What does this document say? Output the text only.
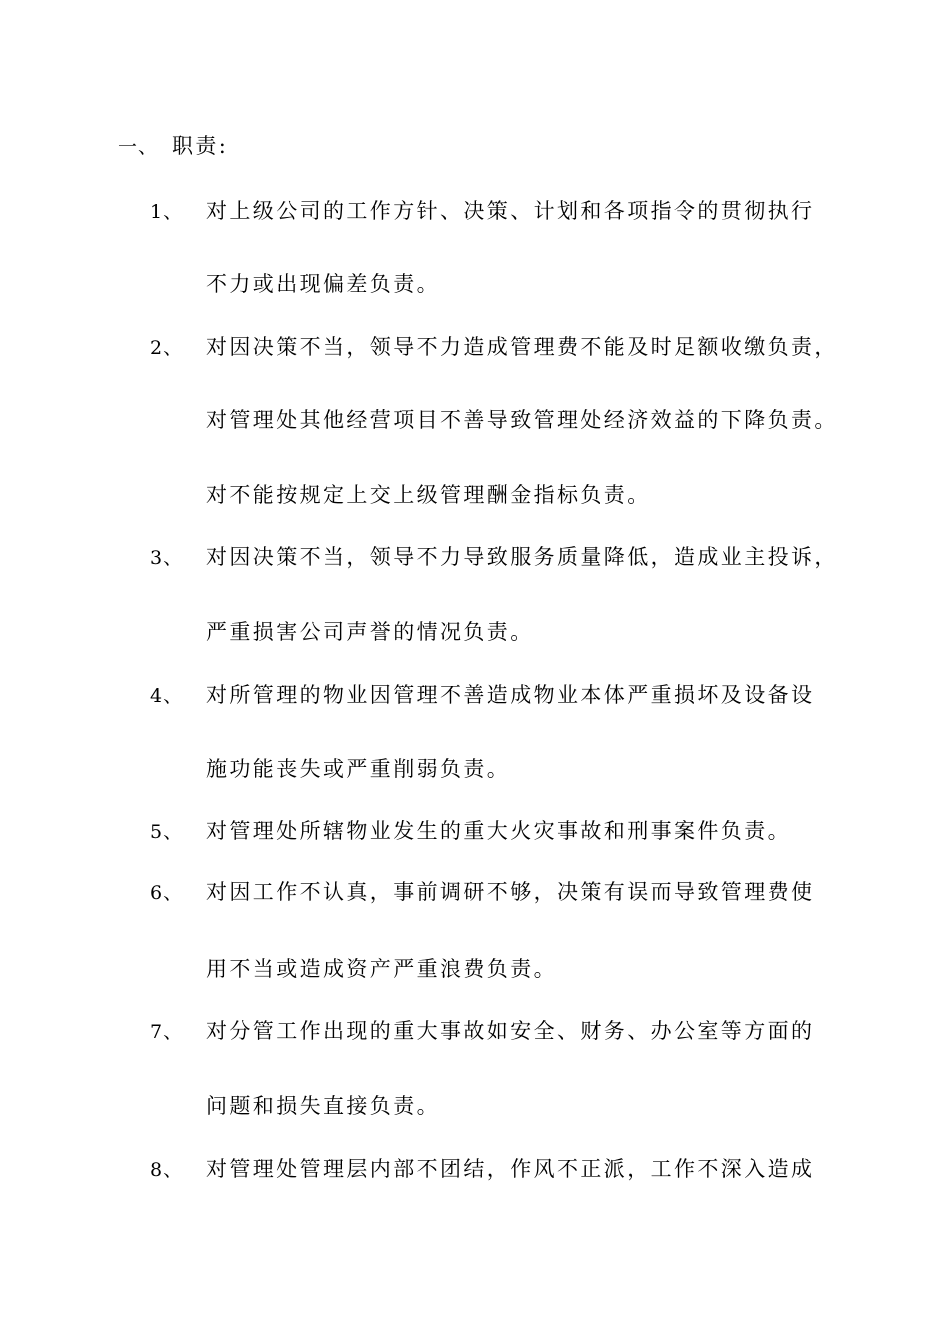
一、 职责:
1、 对上级公司的工作方针、决策、计划和各项指令的贯彻执行
不力或出现偏差负责。
2、 对因决策不当，领导不力造成管理费不能及时足额收缴负责，
对管理处其他经营项目不善导致管理处经济效益的下降负责。
对不能按规定上交上级管理酬金指标负责。
3、 对因决策不当，领导不力导致服务质量降低，造成业主投诉，
严重损害公司声誉的情况负责。
4、 对所管理的物业因管理不善造成物业本体严重损坏及设备设
施功能丧失或严重削弱负责。
5、 对管理处所辖物业发生的重大火灾事故和刑事案件负责。
6、 对因工作不认真，事前调研不够，决策有误而导致管理费使
用不当或造成资产严重浪费负责。
7、 对分管工作出现的重大事故如安全、财务、办公室等方面的
问题和损失直接负责。
8、 对管理处管理层内部不团结，作风不正派，工作不深入造成
